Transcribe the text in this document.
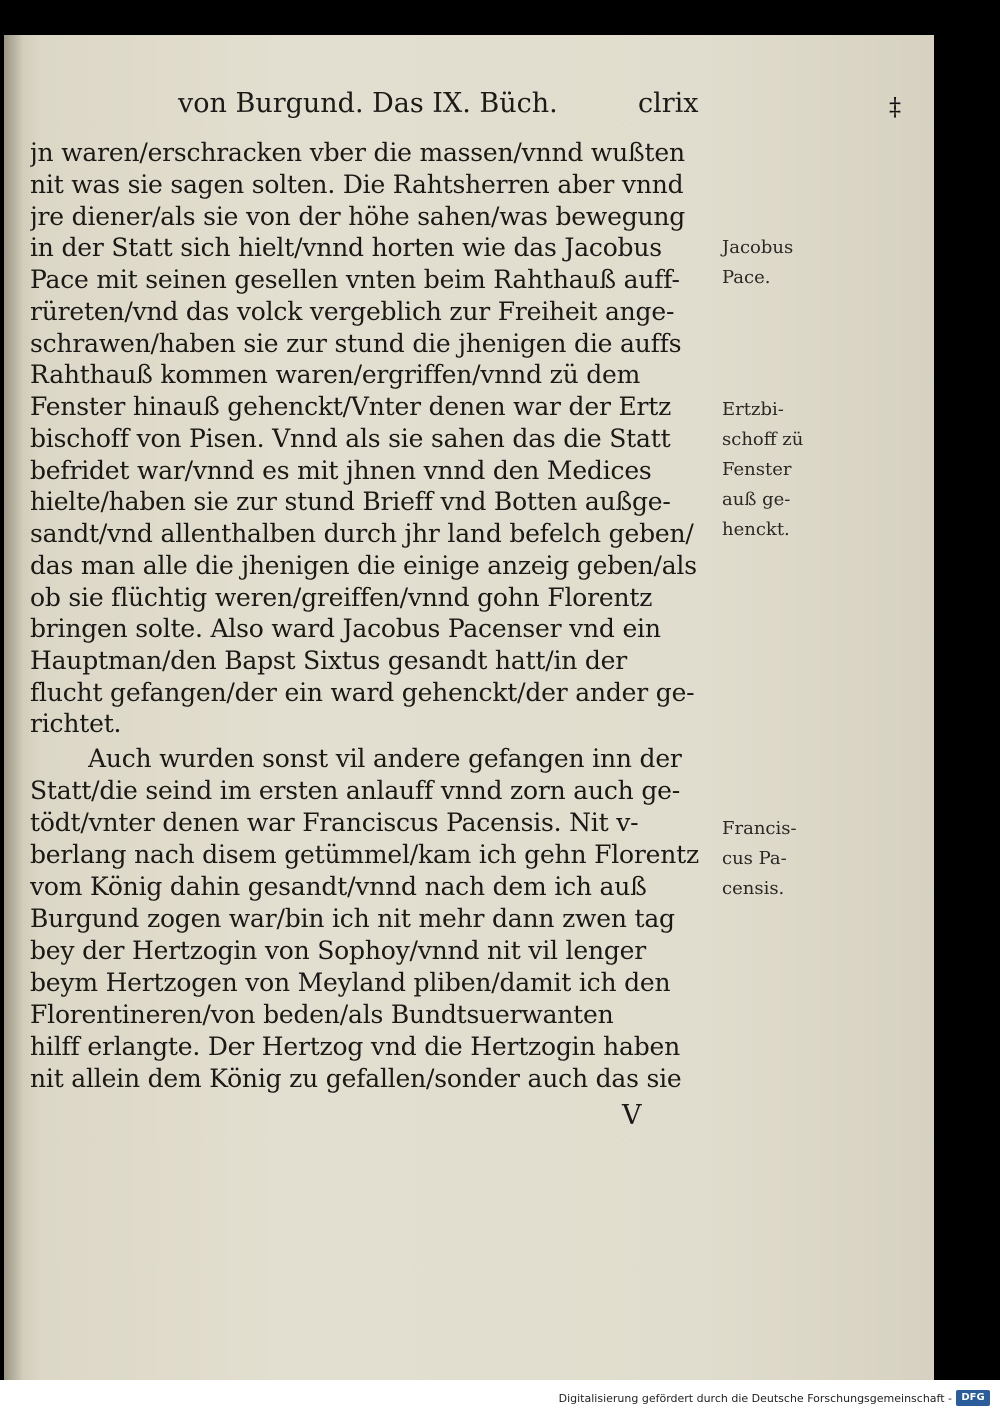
von Burgund. Das IX. Büch.	clrix	‡
jn waren/erschracken vber die massen/vnnd wußten
nit was sie sagen solten. Die Rahtsherren aber vnnd
jre diener/als sie von der höhe sahen/was bewegung
in der Statt sich hielt/vnnd horten wie das Jacobus
Pace mit seinen gesellen vnten beim Rahthauß auff-
rüreten/vnd das volck vergeblich zur Freiheit ange-
schrawen/haben sie zur stund die jhenigen die auffs
Rahthauß kommen waren/ergriffen/vnnd zü dem
Fenster hinauß gehenckt/Vnter denen war der Ertz
bischoff von Pisen. Vnnd als sie sahen das die Statt
befridet war/vnnd es mit jhnen vnnd den Medices
hielte/haben sie zur stund Brieff vnd Botten außge-
sandt/vnd allenthalben durch jhr land befelch geben/
das man alle die jhenigen die einige anzeig geben/als
ob sie flüchtig weren/greiffen/vnnd gohn Florentz
bringen solte. Also ward Jacobus Pacenser vnd ein
Hauptman/den Bapst Sixtus gesandt hatt/in der
flucht gefangen/der ein ward gehenckt/der ander ge-
richtet.
Auch wurden sonst vil andere gefangen inn der
Statt/die seind im ersten anlauff vnnd zorn auch ge-
tödt/vnter denen war Franciscus Pacensis. Nit v-
berlang nach disem getümmel/kam ich gehn Florentz
vom König dahin gesandt/vnnd nach dem ich auß
Burgund zogen war/bin ich nit mehr dann zwen tag
bey der Hertzogin von Sophoy/vnnd nit vil lenger
beym Hertzogen von Meyland pliben/damit ich den
Florentineren/von beden/als Bundtsuerwanten
hilff erlangte. Der Hertzog vnd die Hertzogin haben
nit allein dem König zu gefallen/sonder auch das sie
Jacobus
Pace.
Ertzbi-
schoff zü
Fenster
auß ge-
henckt.
Francis-
cus Pa-
censis.
V
Digitalisierung gefördert durch die Deutsche Forschungsgemeinschaft - DFG
